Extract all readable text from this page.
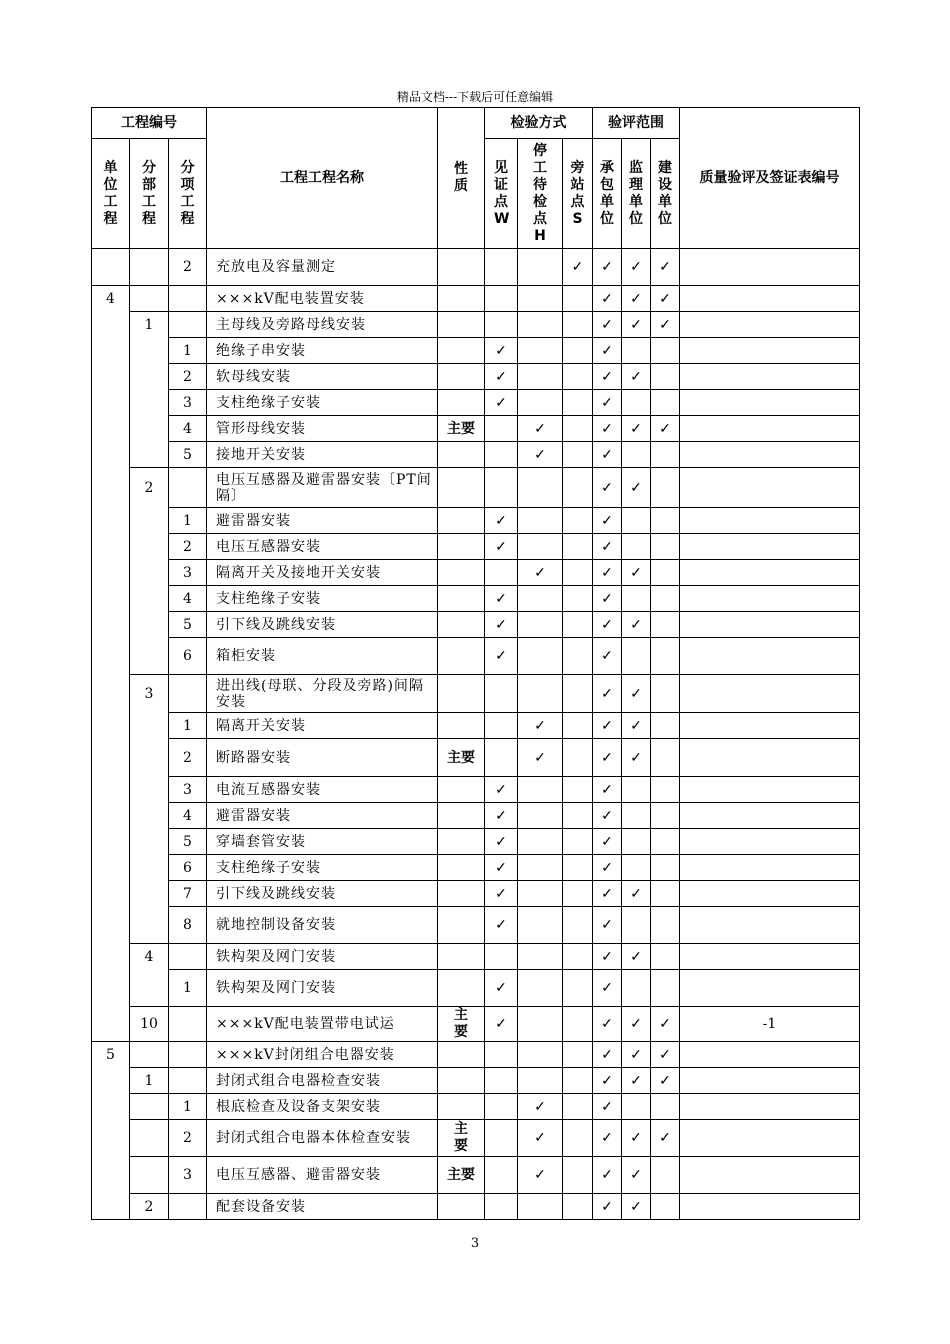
精品文档---下载后可任意编辑
工程编号			工程工程名称	性质	检验方式			验评范围			质量验评及签证表编号

单位工程	分部工程	分项工程			见证点W	停工待检点H	旁站点S	承包单位	监理单位	建设单位	

		2	充放电及容量测定				✓	✓	✓	✓	
4			×××kV配电装置安装					✓	✓	✓	
	1		主母线及旁路母线安装					✓	✓	✓	
		1	绝缘子串安装		✓			✓			
		2	软母线安装		✓			✓	✓		
		3	支柱绝缘子安装		✓			✓			
		4	管形母线安装	主要		✓		✓	✓	✓	
		5	接地开关安装			✓		✓			
	2		电压互感器及避雷器安装〔PT间隔〕					✓	✓		
		1	避雷器安装		✓			✓			
		2	电压互感器安装		✓			✓			
		3	隔离开关及接地开关安装			✓		✓	✓		
		4	支柱绝缘子安装		✓			✓			
		5	引下线及跳线安装		✓			✓	✓		
		6	箱柜安装		✓			✓			
	3		进出线(母联、分段及旁路)间隔安装					✓	✓		
		1	隔离开关安装			✓		✓	✓		
		2	断路器安装	主要		✓		✓	✓		
		3	电流互感器安装		✓			✓			
		4	避雷器安装		✓			✓			
		5	穿墙套管安装		✓			✓			
		6	支柱绝缘子安装		✓			✓			
		7	引下线及跳线安装		✓			✓	✓		
		8	就地控制设备安装		✓			✓			
	4		铁构架及网门安装					✓	✓		
		1	铁构架及网门安装		✓			✓			
	10		×××kV配电装置带电试运	主要	✓			✓	✓	✓	-1
5			×××kV封闭组合电器安装					✓	✓	✓	
	1		封闭式组合电器检查安装					✓	✓	✓	
		1	根底检查及设备支架安装			✓		✓			
		2	封闭式组合电器本体检查安装	主要		✓		✓	✓	✓	
		3	电压互感器、避雷器安装	主要		✓		✓	✓		
	2		配套设备安装					✓	✓		
3
